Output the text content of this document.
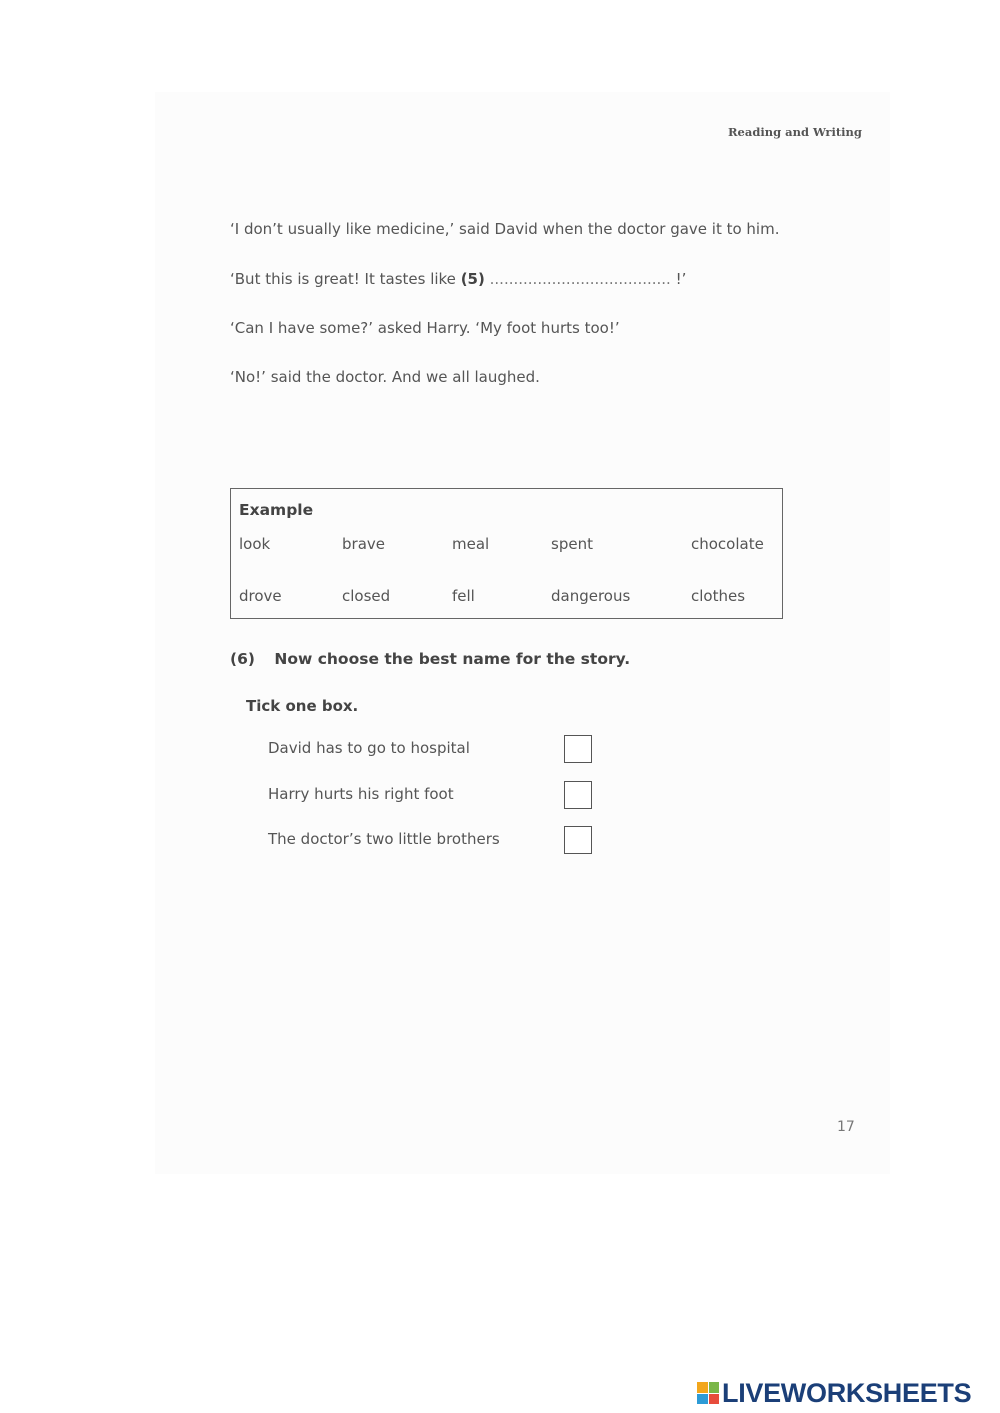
Reading and Writing
‘I don’t usually like medicine,’ said David when the doctor gave it to him.
‘But this is great! It tastes like (5) ...................................... !’
‘Can I have some?’ asked Harry. ‘My foot hurts too!’
‘No!’ said the doctor. And we all laughed.
Example
look	brave	meal	spent	chocolate
drove	closed	fell	dangerous	clothes
(6) Now choose the best name for the story.
Tick one box.
David has to go to hospital
Harry hurts his right foot
The doctor’s two little brothers
17
LIVEWORKSHEETS
